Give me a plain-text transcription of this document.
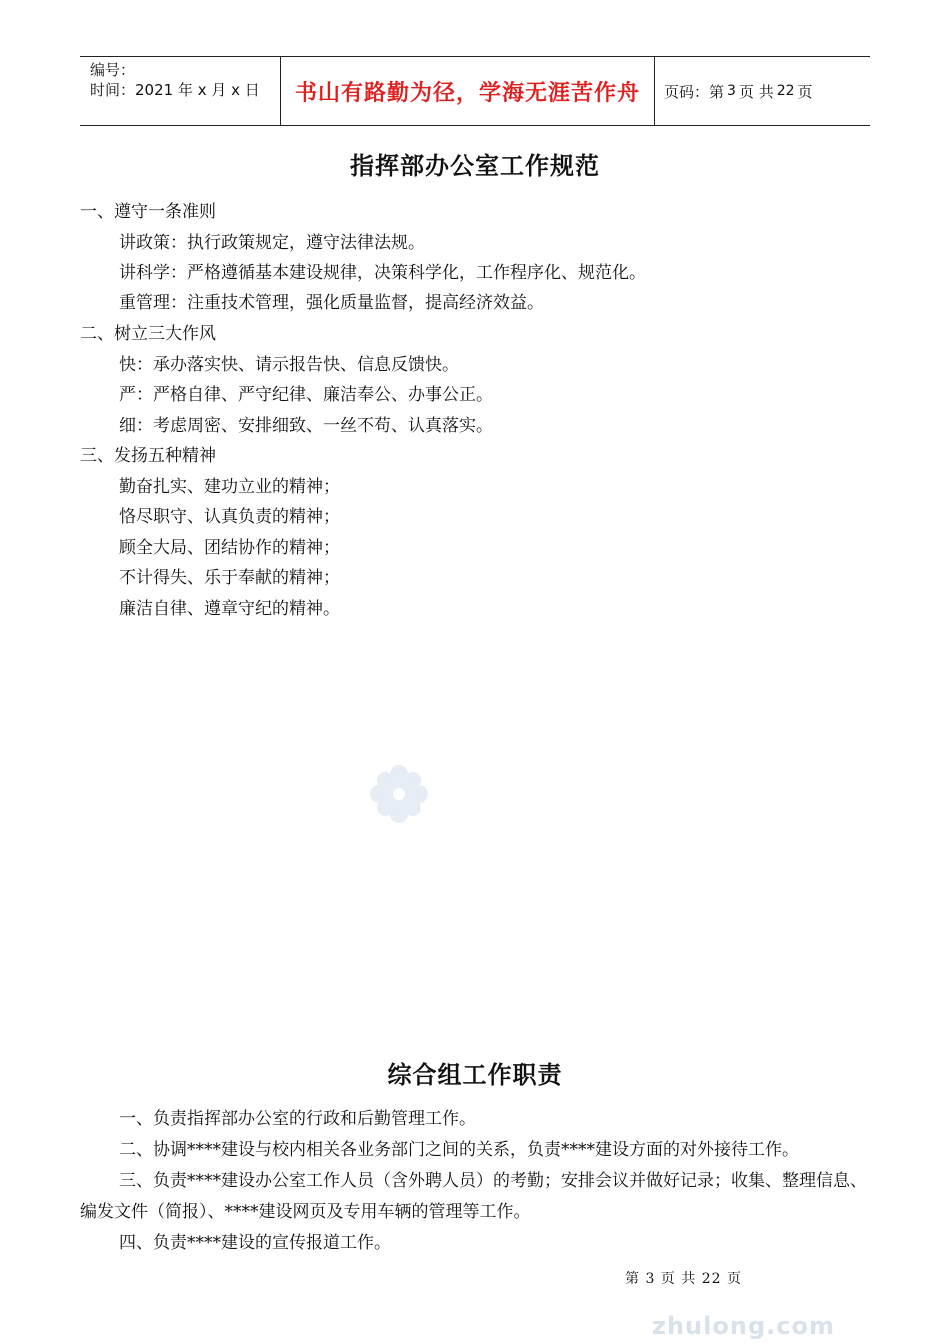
编号：
时间：2021 年 x 月 x 日	书山有路勤为径，学海无涯苦作舟	页码：第 3 页 共 22 页
指挥部办公室工作规范
一、遵守一条准则
讲政策：执行政策规定，遵守法律法规。
讲科学：严格遵循基本建设规律，决策科学化，工作程序化、规范化。
重管理：注重技术管理，强化质量监督，提高经济效益。
二、树立三大作风
快：承办落实快、请示报告快、信息反馈快。
严：严格自律、严守纪律、廉洁奉公、办事公正。
细：考虑周密、安排细致、一丝不苟、认真落实。
三、发扬五种精神
勤奋扎实、建功立业的精神；
恪尽职守、认真负责的精神；
顾全大局、团结协作的精神；
不计得失、乐于奉献的精神；
廉洁自律、遵章守纪的精神。
综合组工作职责
一、负责指挥部办公室的行政和后勤管理工作。
二、协调****建设与校内相关各业务部门之间的关系，负责****建设方面的对外接待工作。
三、负责****建设办公室工作人员（含外聘人员）的考勤；安排会议并做好记录；收集、整理信息、编发文件（简报）、****建设网页及专用车辆的管理等工作。
四、负责****建设的宣传报道工作。
第 3 页 共 22 页
zhulong.com
